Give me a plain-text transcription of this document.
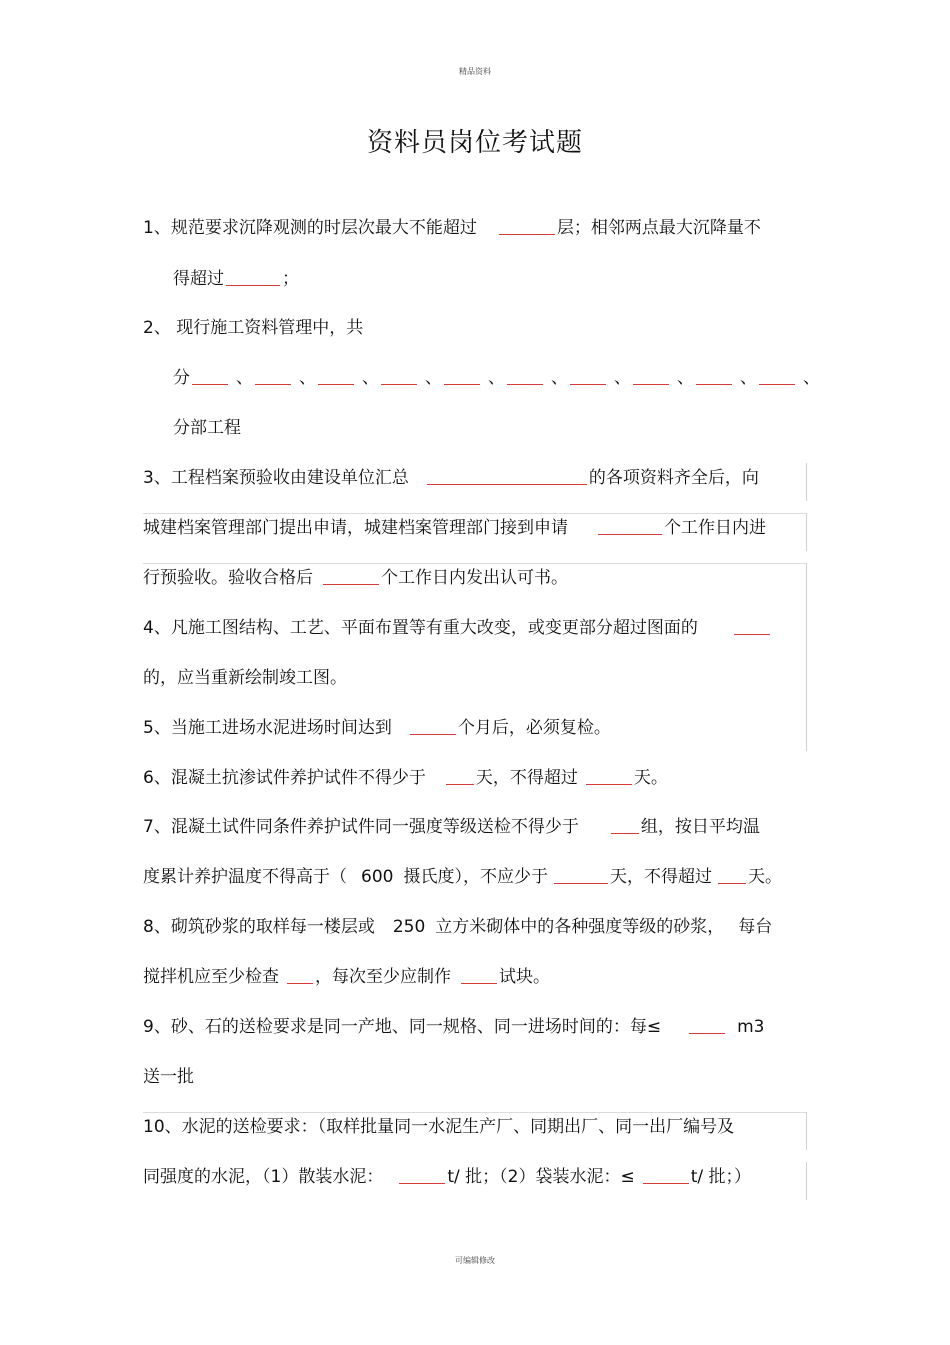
精品资料
资料员岗位考试题
1、规范要求沉降观测的时层次最大不能超过	层；相邻两点最大沉降量不
得超过	；
2、 现行施工资料管理中，共
分	、	、	、	、	、	、	、	、	、	、
分部工程
3、工程档案预验收由建设单位汇总	的各项资料齐全后，向
城建档案管理部门提出申请，城建档案管理部门接到申请	个工作日内进
行预验收。验收合格后	个工作日内发出认可书。
4、凡施工图结构、工艺、平面布置等有重大改变，或变更部分超过图面的
的，应当重新绘制竣工图。
5、当施工进场水泥进场时间达到	个月后，必须复检。
6、混凝土抗渗试件养护试件不得少于	天，不得超过	天。
7、混凝土试件同条件养护试件同一强度等级送检不得少于	组，按日平均温
度累计养护温度不得高于（ 600 摄氏度），不应少于	天，不得超过 天。
8、砌筑砂浆的取样每一楼层或 250 立方米砌体中的各种强度等级的砂浆， 每台
搅拌机应至少检查 ，每次至少应制作	试块。
9、砂、石的送检要求是同一产地、同一规格、同一进场时间的：每≤	m3
送一批
10、水泥的送检要求：（取样批量同一水泥生产厂、同期出厂、同一出厂编号及
同强度的水泥，（1）散装水泥：	t/ 批；（2）袋装水泥：≤	t/ 批；）
可编辑修改
